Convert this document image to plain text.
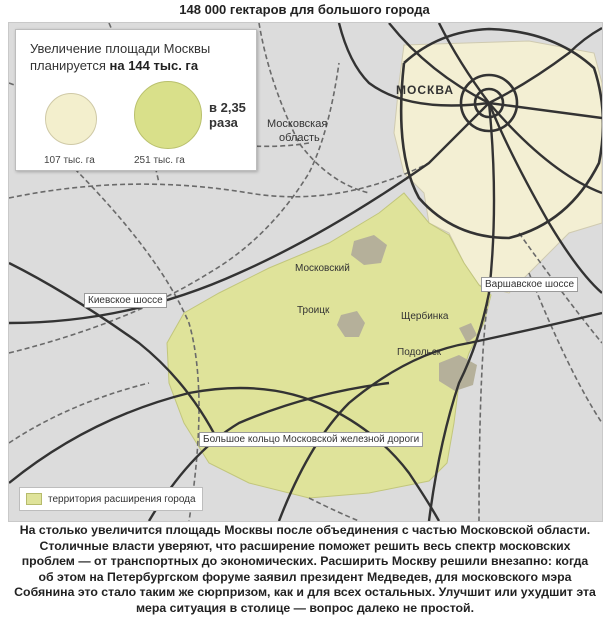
148 000 гектаров для большого города
Увеличение площади Москвы
планируется на 144 тыс. га
107 тыс. га	251 тыс. га
в 2,35
раза
МОСКВА
Московская
область
Московский
Троицк
Щербинка
Подольск
Киевское шоссе
Варшавское шоссе
Большое кольцо Московской железной дороги
территория расширения города
На столько увеличится площадь Москвы после объединения с частью Московской области. Столичные власти уверяют, что расширение поможет решить весь спектр московских проблем — от транспортных до экономических. Расширить Москву решили внезапно: когда об этом на Петербургском форуме заявил президент Медведев, для московского мэра Собянина это стало таким же сюрпризом, как и для всех остальных. Улучшит или ухудшит эта мера ситуация в столице — вопрос далеко не простой.
